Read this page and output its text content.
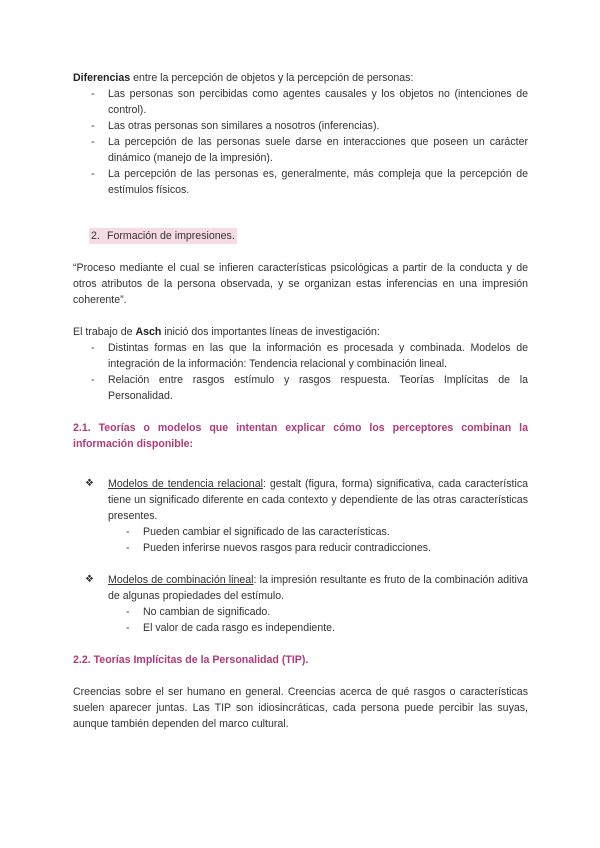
Diferencias entre la percepción de objetos y la percepción de personas:

- Las personas son percibidas como agentes causales y los objetos no (intenciones de control).
- Las otras personas son similares a nosotros (inferencias).
- La percepción de las personas suele darse en interacciones que poseen un carácter dinámico (manejo de la impresión).
- La percepción de las personas es, generalmente, más compleja que la percepción de estímulos físicos.

2. Formación de impresiones.

“Proceso mediante el cual se infieren características psicológicas a partir de la conducta y de otros atributos de la persona observada, y se organizan estas inferencias en una impresión coherente”.

El trabajo de Asch inició dos importantes líneas de investigación:

- Distintas formas en las que la información es procesada y combinada. Modelos de integración de la información: Tendencia relacional y combinación lineal.
- Relación entre rasgos estímulo y rasgos respuesta. Teorías Implícitas de la Personalidad.

2.1. Teorías o modelos que intentan explicar cómo los perceptores combinan la información disponible:

❖ Modelos de tendencia relacional: gestalt (figura, forma) significativa, cada característica tiene un significado diferente en cada contexto y dependiente de las otras características presentes.
- Pueden cambiar el significado de las características.
- Pueden inferirse nuevos rasgos para reducir contradicciones.
❖ Modelos de combinación lineal: la impresión resultante es fruto de la combinación aditiva de algunas propiedades del estímulo.
- No cambian de significado.
- El valor de cada rasgo es independiente.

2.2. Teorías Implícitas de la Personalidad (TIP).

Creencias sobre el ser humano en general. Creencias acerca de qué rasgos o características suelen aparecer juntas. Las TIP son idiosincráticas, cada persona puede percibir las suyas, aunque también dependen del marco cultural.
